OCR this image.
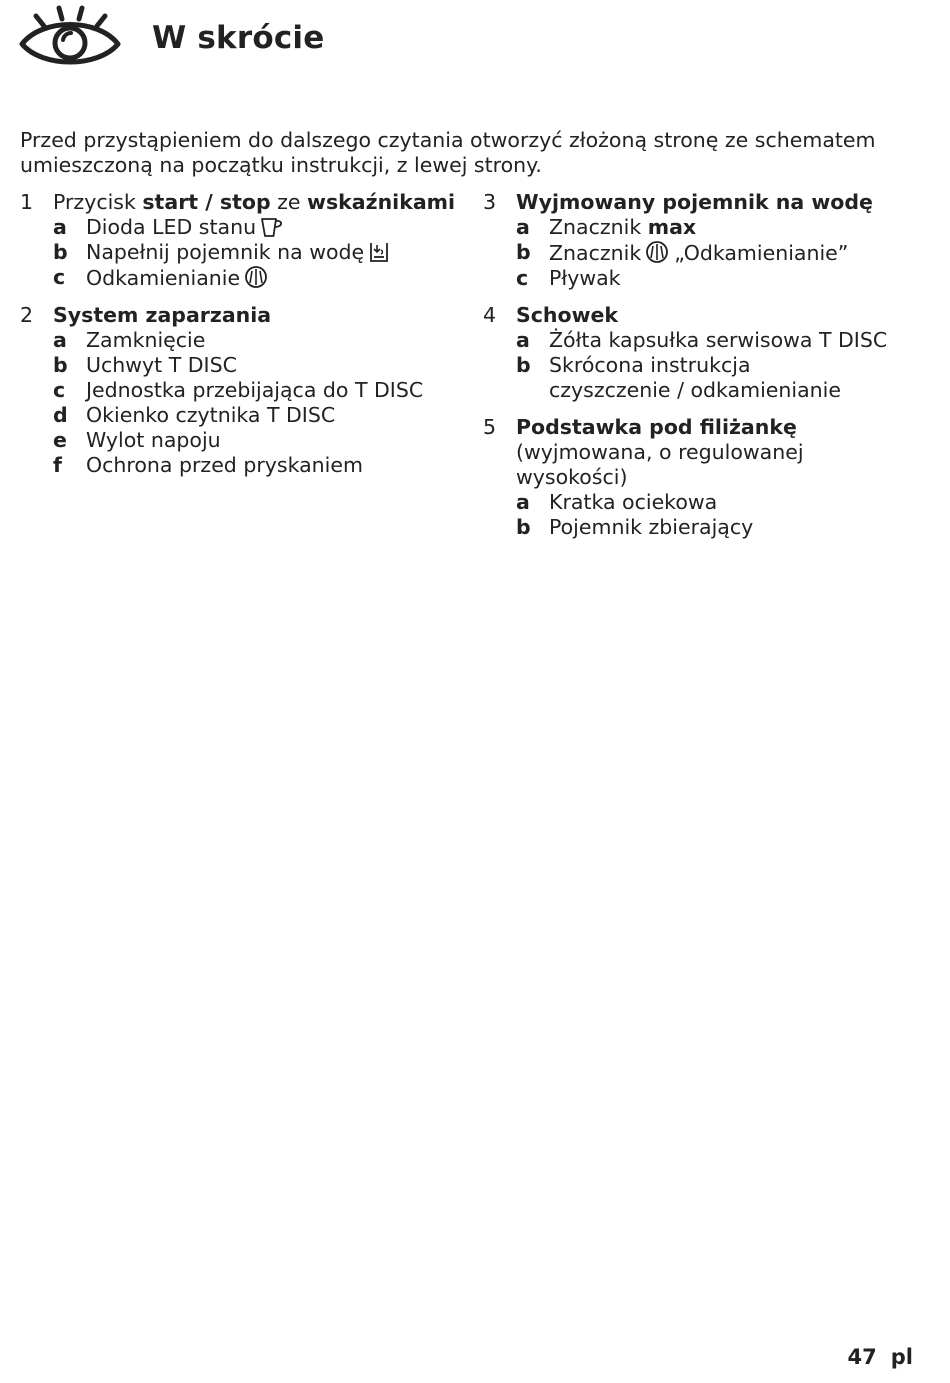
W skrócie
Przed przystąpieniem do dalszego czytania otworzyć złożoną stronę ze schematem umieszczoną na początku instrukcji, z lewej strony.
1 Przycisk start / stop ze wskaźnikami
a Dioda LED stanu
b Napełnij pojemnik na wodę
c Odkamienianie
2 System zaparzania
a Zamknięcie
b Uchwyt T DISC
c Jednostka przebijająca do T DISC
d Okienko czytnika T DISC
e Wylot napoju
f Ochrona przed pryskaniem
3 Wyjmowany pojemnik na wodę
a Znacznik max
b Znacznik „Odkamienianie”
c Pływak
4 Schowek
a Żółta kapsułka serwisowa T DISC
b Skrócona instrukcja
czyszczenie / odkamienianie
5 Podstawka pod filiżankę
(wyjmowana, o regulowanej wysokości)
a Kratka ociekowa
b Pojemnik zbierający
47 pl
